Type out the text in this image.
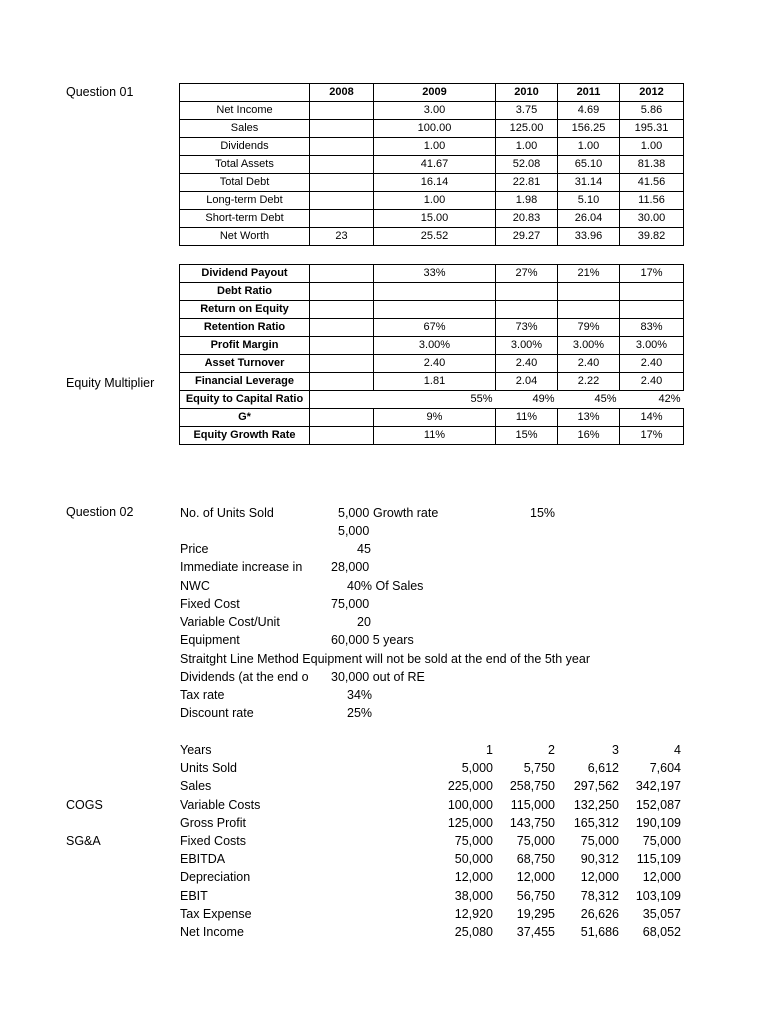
Question 01
Equity Multiplier
	2008	2009	2010	2011	2012
Net Income		3.00	3.75	4.69	5.86
Sales		100.00	125.00	156.25	195.31
Dividends		1.00	1.00	1.00	1.00
Total Assets		41.67	52.08	65.10	81.38
Total Debt		16.14	22.81	31.14	41.56
Long-term Debt		1.00	1.98	5.10	11.56
Short-term Debt		15.00	20.83	26.04	30.00
Net Worth	23	25.52	29.27	33.96	39.82
Dividend Payout		33%	27%	21%	17%
Debt Ratio					
Return on Equity					
Retention Ratio		67%	73%	79%	83%
Profit Margin		3.00%	3.00%	3.00%	3.00%
Asset Turnover		2.40	2.40	2.40	2.40
Financial Leverage		1.81	2.04	2.22	2.40
Equity to Capital Ratio		55%	49%	45%	42%
G*		9%	11%	13%	14%
Equity Growth Rate		11%	15%	16%	17%
Question 02	No. of Units Sold	5,000 Growth rate	15%
5,000
Price	45
Immediate increase in 28,000
NWC	40% Of Sales
Fixed Cost	75,000
Variable Cost/Unit	20
Equipment	60,000 5 years
Straitght Line Method Equipment will not be sold at the end of the 5th year
Dividends (at the end o 30,000 out of RE
Tax rate	34%
Discount rate	25%
Years	1	2	3	4
Units Sold	5,000 5,750	6,612 7,604
Sales	225,000 258,750 297,562 342,197
COGS	Variable Costs	100,000 115,000 132,250 152,087
Gross Profit	125,000 143,750 165,312 190,109
SG&A	Fixed Costs	75,000 75,000 75,000 75,000
EBITDA	50,000 68,750 90,312 115,109
Depreciation	12,000 12,000 12,000 12,000
EBIT	38,000 56,750 78,312 103,109
Tax Expense	12,920 19,295 26,626 35,057
Net Income	25,080 37,455 51,686 68,052
